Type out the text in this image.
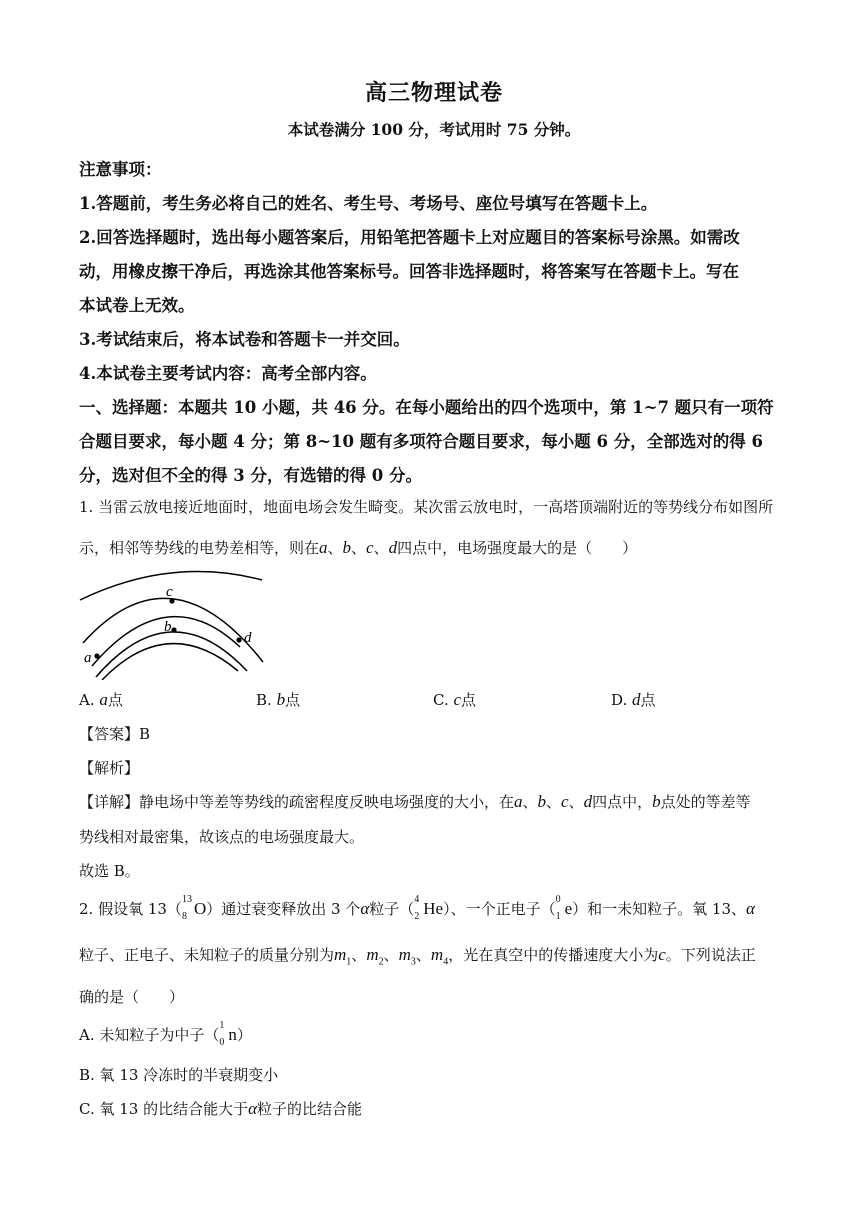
高三物理试卷
本试卷满分 100 分，考试用时 75 分钟。
注意事项：
1.答题前，考生务必将自己的姓名、考生号、考场号、座位号填写在答题卡上。
2.回答选择题时，选出每小题答案后，用铅笔把答题卡上对应题目的答案标号涂黑。如需改
动，用橡皮擦干净后，再选涂其他答案标号。回答非选择题时，将答案写在答题卡上。写在
本试卷上无效。
3.考试结束后，将本试卷和答题卡一并交回。
4.本试卷主要考试内容：高考全部内容。
一、选择题：本题共 10 小题，共 46 分。在每小题给出的四个选项中，第 1~7 题只有一项符
合题目要求，每小题 4 分；第 8~10 题有多项符合题目要求，每小题 6 分，全部选对的得 6
分，选对但不全的得 3 分，有选错的得 0 分。
1. 当雷云放电接近地面时，地面电场会发生畸变。某次雷云放电时，一高塔顶端附近的等势线分布如图所
示，相邻等势线的电势差相等，则在a、b、c、d四点中，电场强度最大的是（　　）
a
c
b
d
A. a点	B. b点	C. c点	D. d点
【答案】B
【解析】
【详解】静电场中等差等势线的疏密程度反映电场强度的大小，在a、b、c、d四点中，b点处的等差等
势线相对最密集，故该点的电场强度最大。
故选 B。
2. 假设氧 13（
13
8 O）通过衰变释放出 3 个α粒子（
4
2 He）、一个正电子（
0
1 e）和一未知粒子。氧 13、α
粒子、正电子、未知粒子的质量分别为$m_1$、$m_2$、$m_3$、$m_4$，光在真空中的传播速度大小为c。下列说法正
确的是（　　）
A. 未知粒子为中子（
1
0 n）
B. 氧 13 冷冻时的半衰期变小
C. 氧 13 的比结合能大于α粒子的比结合能
